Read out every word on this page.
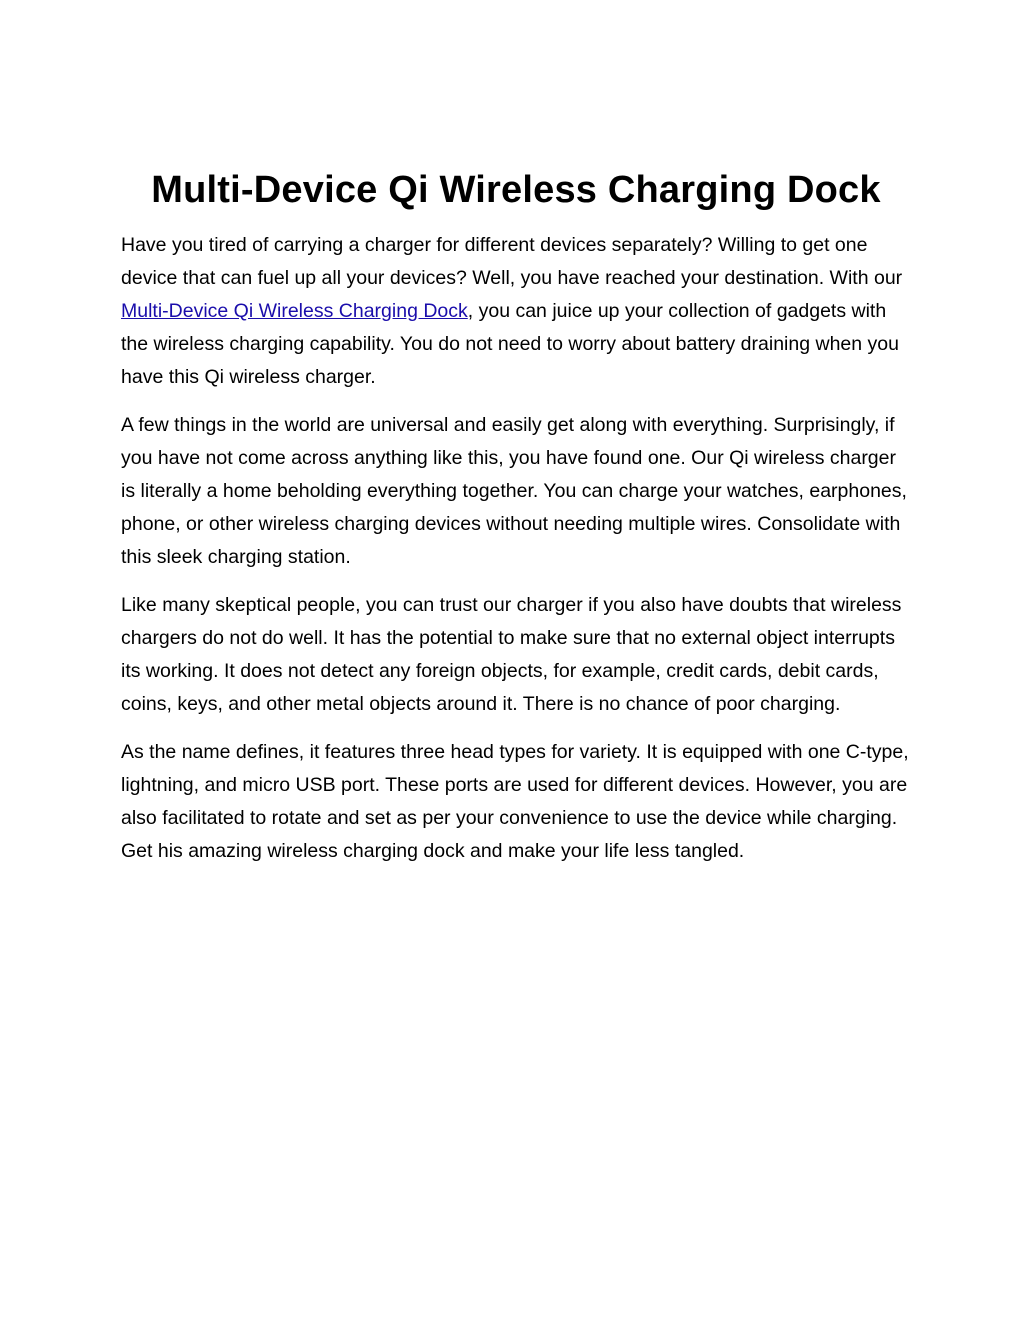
Multi-Device Qi Wireless Charging Dock

Have you tired of carrying a charger for different devices separately? Willing to get one device that can fuel up all your devices? Well, you have reached your destination. With our Multi-Device Qi Wireless Charging Dock, you can juice up your collection of gadgets with the wireless charging capability. You do not need to worry about battery draining when you have this Qi wireless charger.

A few things in the world are universal and easily get along with everything. Surprisingly, if you have not come across anything like this, you have found one. Our Qi wireless charger is literally a home beholding everything together. You can charge your watches, earphones, phone, or other wireless charging devices without needing multiple wires. Consolidate with this sleek charging station.

Like many skeptical people, you can trust our charger if you also have doubts that wireless chargers do not do well. It has the potential to make sure that no external object interrupts its working. It does not detect any foreign objects, for example, credit cards, debit cards, coins, keys, and other metal objects around it. There is no chance of poor charging.

As the name defines, it features three head types for variety. It is equipped with one C-type, lightning, and micro USB port. These ports are used for different devices. However, you are also facilitated to rotate and set as per your convenience to use the device while charging. Get his amazing wireless charging dock and make your life less tangled.
